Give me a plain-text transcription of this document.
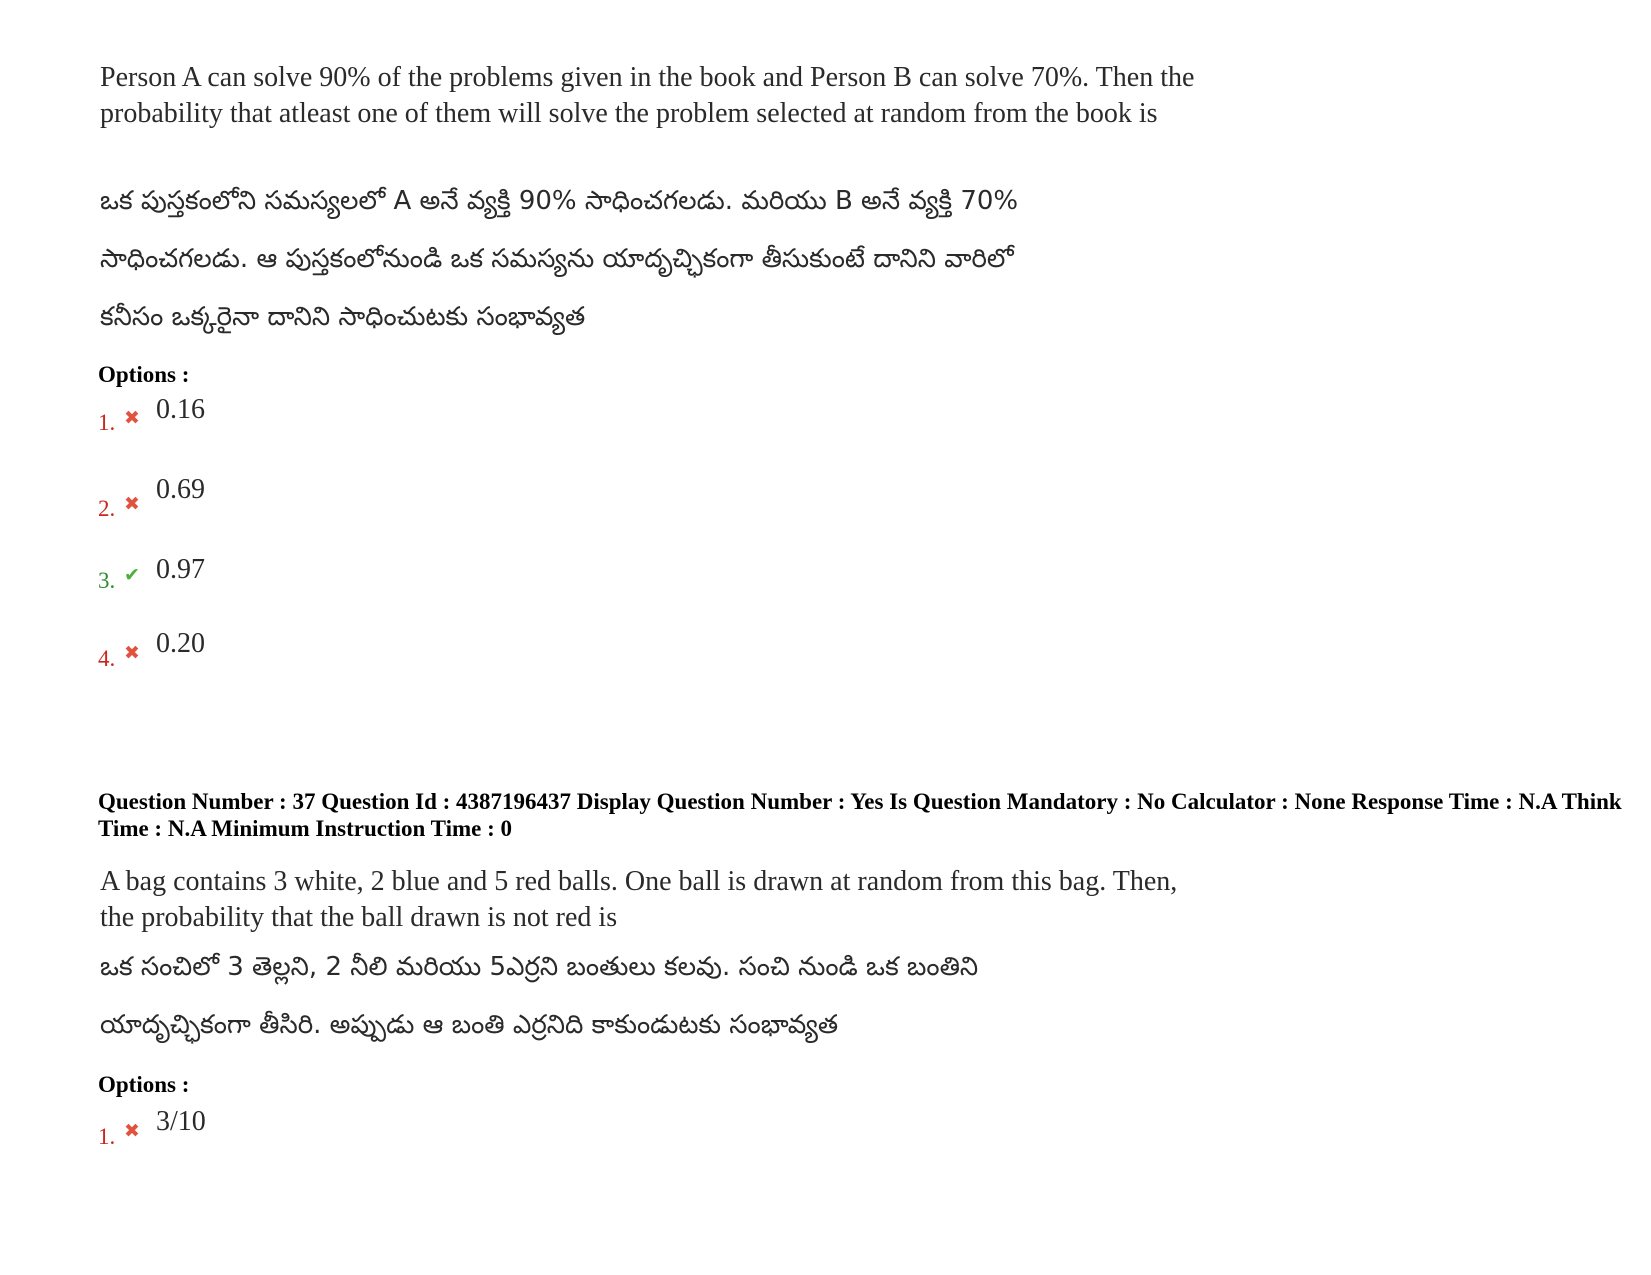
Person A can solve 90% of the problems given in the book and Person B can solve 70%. Then the probability that atleast one of them will solve the problem selected at random from the book is

ఒక పుస్తకంలోని సమస్యలలో A అనే వ్యక్తి 90% సాధించగలడు. మరియు B అనే వ్యక్తి 70%
సాధించగలడు. ఆ పుస్తకంలోనుండి ఒక సమస్యను యాదృచ్ఛికంగా తీసుకుంటే దానిని వారిలో
కనీసం ఒక్కరైనా దానిని సాధించుటకు సంభావ్యత
Options :
1. ✖ 0.16
2. ✖ 0.69
3. ✔ 0.97
4. ✖ 0.20
Question Number : 37 Question Id : 4387196437 Display Question Number : Yes Is Question Mandatory : No Calculator : None Response Time : N.A Think Time : N.A Minimum Instruction Time : 0

A bag contains 3 white, 2 blue and 5 red balls. One ball is drawn at random from this bag. Then, the probability that the ball drawn is not red is

ఒక సంచిలో 3 తెల్లని, 2 నీలి మరియు 5ఎర్రని బంతులు కలవు. సంచి నుండి ఒక బంతిని
యాదృచ్ఛికంగా తీసిరి. అప్పుడు ఆ బంతి ఎర్రనిది కాకుండుటకు సంభావ్యత
Options :
1. ✖ 3/10
